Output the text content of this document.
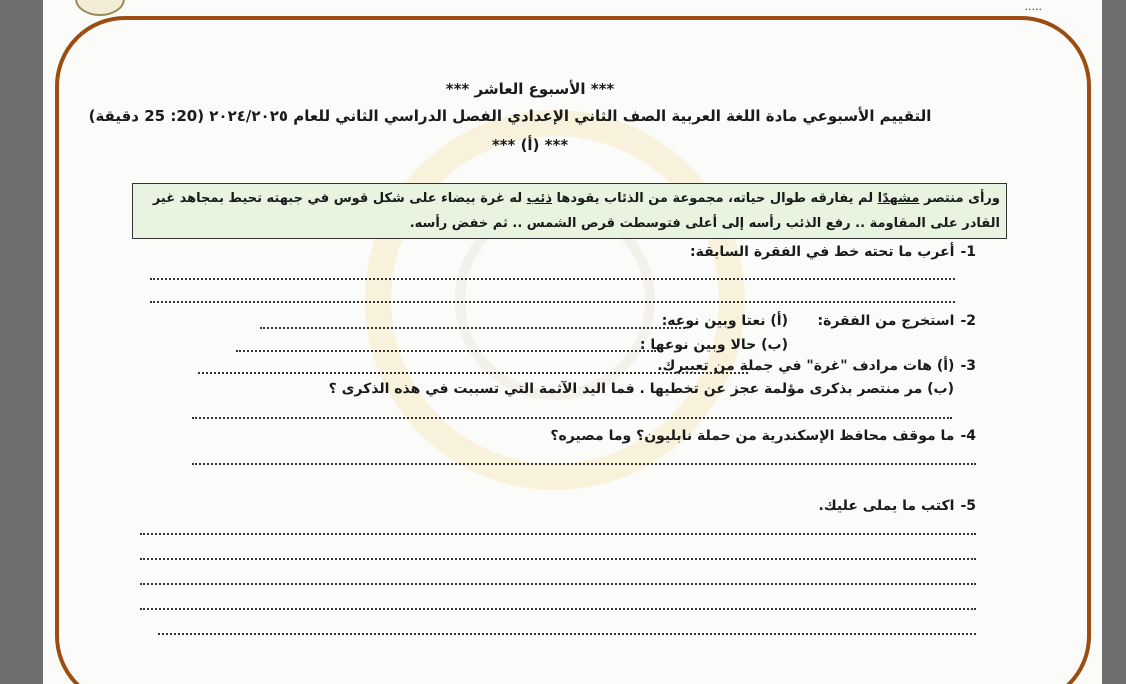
.....
*** الأسبوع العاشر ***
التقييم الأسبوعي مادة اللغة العربية الصف الثاني الإعدادي الفصل الدراسي الثاني للعام ٢٠٢٤/٢٠٢٥ (20: 25 دقيقة)
*** (أ) ***
ورأى منتصر مشهدًا لم يفارقه طوال حياته، مجموعة من الذئاب يقودها ذئب له غرة بيضاء على شكل قوس في جبهته تحيط بمجاهد غير القادر على المقاومة .. رفع الذئب رأسه إلى أعلى فتوسطت قرص الشمس .. ثم خفض رأسه.
1-أعرب ما تحته خط في الفقرة السابقة:
2-استخرج من الفقرة:
(أ) نعتا وبين نوعه:
(ب) حالا وبين نوعها :
3-(أ) هات مرادف "غرة" في جملة من تعبيرك.
(ب) مر منتصر بذكرى مؤلمة عجز عن تخطيها . فما اليد الآثمة التي تسببت في هذه الذكرى ؟
4-ما موقف محافظ الإسكندرية من حملة نابليون؟ وما مصيره؟
5-اكتب ما يملى عليك.
